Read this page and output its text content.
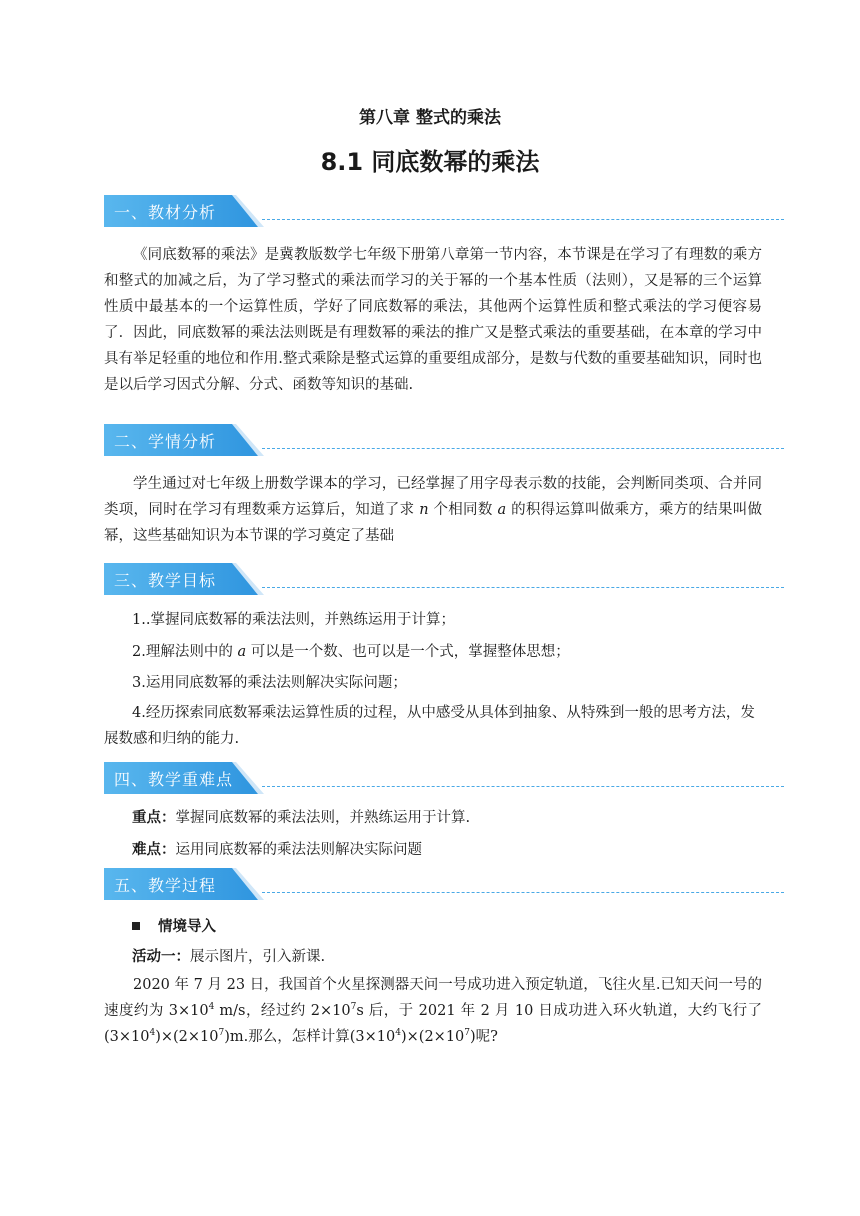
第八章 整式的乘法
8.1 同底数幂的乘法
一、教材分析

《同底数幂的乘法》是冀教版数学七年级下册第八章第一节内容，本节课是在学习了有理数的乘方和整式的加减之后，为了学习整式的乘法而学习的关于幂的一个基本性质（法则），又是幂的三个运算性质中最基本的一个运算性质，学好了同底数幂的乘法，其他两个运算性质和整式乘法的学习便容易了．因此，同底数幂的乘法法则既是有理数幂的乘法的推广又是整式乘法的重要基础，在本章的学习中具有举足轻重的地位和作用.整式乘除是整式运算的重要组成部分，是数与代数的重要基础知识，同时也是以后学习因式分解、分式、函数等知识的基础.

二、学情分析

学生通过对七年级上册数学课本的学习，已经掌握了用字母表示数的技能，会判断同类项、合并同类项，同时在学习有理数乘方运算后，知道了求 n 个相同数 a 的积得运算叫做乘方，乘方的结果叫做幂，这些基础知识为本节课的学习奠定了基础

三、教学目标

1..掌握同底数幂的乘法法则，并熟练运用于计算；

2.理解法则中的 a 可以是一个数、也可以是一个式，掌握整体思想；

3.运用同底数幂的乘法法则解决实际问题；

4.经历探索同底数幂乘法运算性质的过程，从中感受从具体到抽象、从特殊到一般的思考方法，发展数感和归纳的能力.

四、教学重难点

重点：掌握同底数幂的乘法法则，并熟练运用于计算.

难点：运用同底数幂的乘法法则解决实际问题

五、教学过程

情境导入

活动一：展示图片，引入新课.

2020 年 7 月 23 日，我国首个火星探测器天问一号成功进入预定轨道，飞往火星.已知天问一号的 速度约为 $3\times 10^4$ m/s，经过约 $2\times 10^7s$ 后，于 2021 年 2 月 10 日成功进入环火轨道，大约飞行了$(3\times 10^4)\times(2\times 10^7)m$.那么，怎样计算$(3\times 10^4)\times(2\times 10^7)$呢?
